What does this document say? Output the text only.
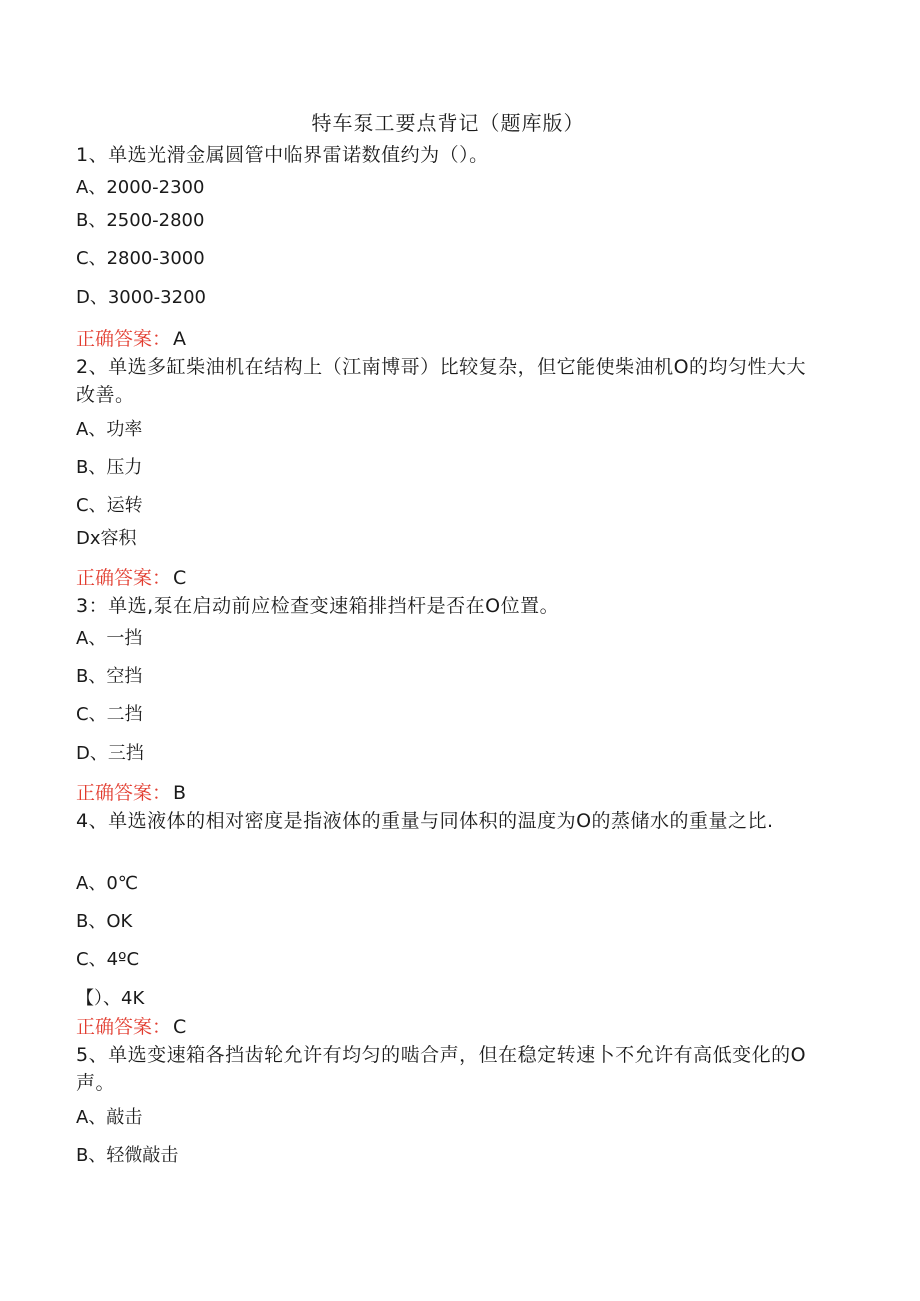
特车泵工要点背记（题库版）
1、单选光滑金属圆管中临界雷诺数值约为（）。
A、2000-2300
B、2500-2800
C、2800-3000
D、3000-3200
正确答案： A
2、单选多缸柴油机在结构上（江南博哥）比较复杂，但它能使柴油机O的均匀性大大改善。
A、功率
B、压力
C、运转
Dx容积
正确答案： C
3：单选,泵在启动前应检查变速箱排挡杆是否在O位置。
A、一挡
B、空挡
C、二挡
D、三挡
正确答案： B
4、单选液体的相对密度是指液体的重量与同体积的温度为O的蒸储水的重量之比.
A、0℃
B、OK
C、4ºC
【）、4K
正确答案： C
5、单选变速箱各挡齿轮允许有均匀的啮合声，但在稳定转速卜不允许有高低变化的O声。
A、敲击
B、轻微敲击
